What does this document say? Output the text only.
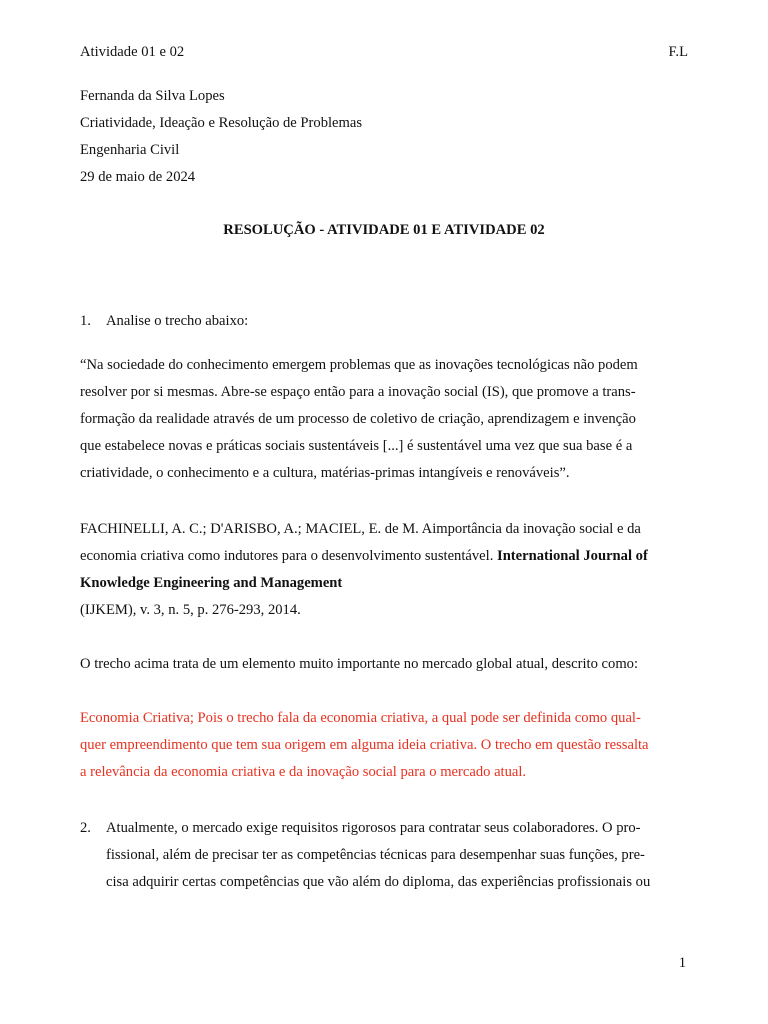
Atividade 01 e 02	F.L
Fernanda da Silva Lopes
Criatividade, Ideação e Resolução de Problemas
Engenharia Civil
29 de maio de 2024
RESOLUÇÃO - ATIVIDADE 01 E ATIVIDADE 02
1. Analise o trecho abaixo:
“Na sociedade do conhecimento emergem problemas que as inovações tecnológicas não podem
resolver por si mesmas. Abre-se espaço então para a inovação social (IS), que promove a trans-
formação da realidade através de um processo de coletivo de criação, aprendizagem e invenção
que estabelece novas e práticas sociais sustentáveis [...] é sustentável uma vez que sua base é a
criatividade, o conhecimento e a cultura, matérias-primas intangíveis e renováveis”.
FACHINELLI, A. C.; D'ARISBO, A.; MACIEL, E. de M. Aimportância da inovação social e da
economia criativa como indutores para o desenvolvimento sustentável. International Journal of
Knowledge Engineering and Management
(IJKEM), v. 3, n. 5, p. 276-293, 2014.
O trecho acima trata de um elemento muito importante no mercado global atual, descrito como:
Economia Criativa; Pois o trecho fala da economia criativa, a qual pode ser definida como qual-
quer empreendimento que tem sua origem em alguma ideia criativa. O trecho em questão ressalta
a relevância da economia criativa e da inovação social para o mercado atual.
2. Atualmente, o mercado exige requisitos rigorosos para contratar seus colaboradores. O pro-
fissional, além de precisar ter as competências técnicas para desempenhar suas funções, pre-
cisa adquirir certas competências que vão além do diploma, das experiências profissionais ou
1
